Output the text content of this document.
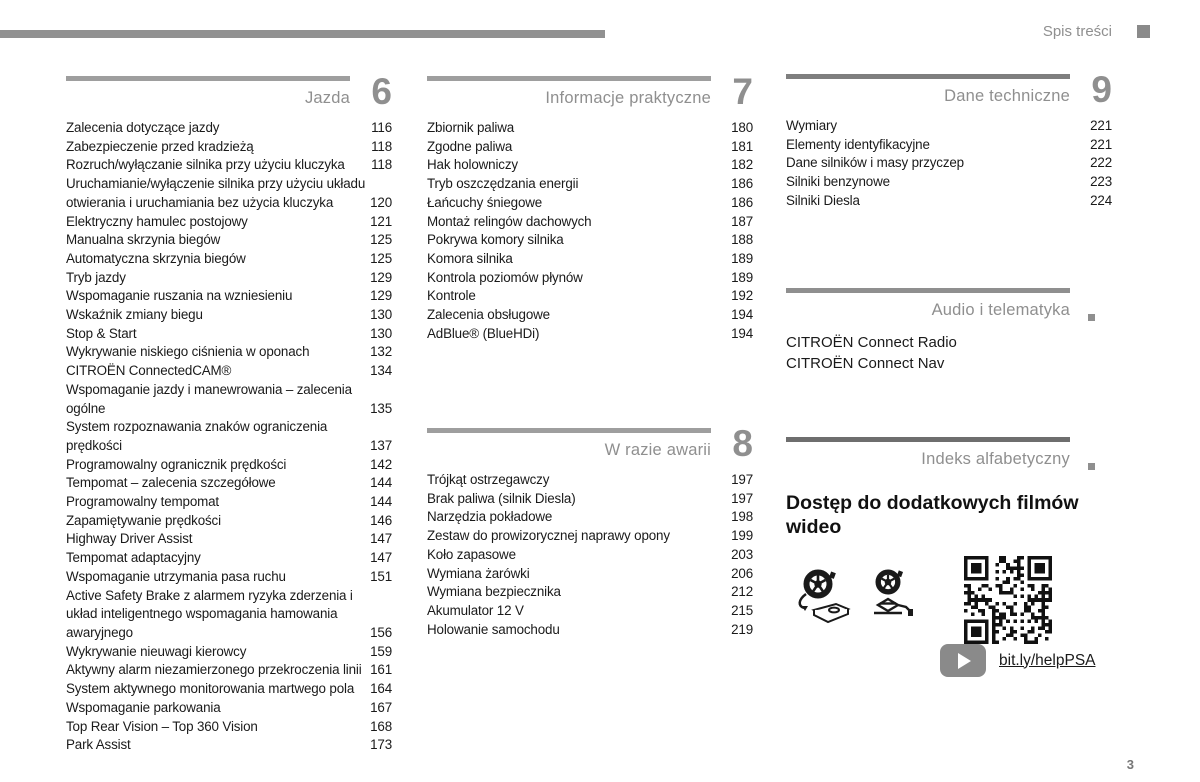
Spis treści
Jazda 6
Zalecenia dotyczące jazdy	116
Zabezpieczenie przed kradzieżą	118
Rozruch/wyłączanie silnika przy użyciu kluczyka	118
Uruchamianie/wyłączenie silnika przy użyciu układu otwierania i uruchamiania bez użycia kluczyka	120
Elektryczny hamulec postojowy	121
Manualna skrzynia biegów	125
Automatyczna skrzynia biegów	125
Tryb jazdy	129
Wspomaganie ruszania na wzniesieniu	129
Wskaźnik zmiany biegu	130
Stop & Start	130
Wykrywanie niskiego ciśnienia w oponach	132
CITROËN ConnectedCAM®	134
Wspomaganie jazdy i manewrowania – zalecenia ogólne	135
System rozpoznawania znaków ograniczenia prędkości	137
Programowalny ogranicznik prędkości	142
Tempomat – zalecenia szczegółowe	144
Programowalny tempomat	144
Zapamiętywanie prędkości	146
Highway Driver Assist	147
Tempomat adaptacyjny	147
Wspomaganie utrzymania pasa ruchu	151
Active Safety Brake z alarmem ryzyka zderzenia i układ inteligentnego wspomagania hamowania awaryjnego	156
Wykrywanie nieuwagi kierowcy	159
Aktywny alarm niezamierzonego przekroczenia linii 161
System aktywnego monitorowania martwego pola	164
Wspomaganie parkowania	167
Top Rear Vision – Top 360 Vision	168
Park Assist	173
Informacje praktyczne 7
Zbiornik paliwa	180
Zgodne paliwa	181
Hak holowniczy	182
Tryb oszczędzania energii	186
Łańcuchy śniegowe	186
Montaż relingów dachowych	187
Pokrywa komory silnika	188
Komora silnika	189
Kontrola poziomów płynów	189
Kontrole	192
Zalecenia obsługowe	194
AdBlue® (BlueHDi)	194
W razie awarii 8
Trójkąt ostrzegawczy	197
Brak paliwa (silnik Diesla)	197
Narzędzia pokładowe	198
Zestaw do prowizorycznej naprawy opony	199
Koło zapasowe	203
Wymiana żarówki	206
Wymiana bezpiecznika	212
Akumulator 12 V	215
Holowanie samochodu	219
Dane techniczne 9
Wymiary	221
Elementy identyfikacyjne	221
Dane silników i masy przyczep	222
Silniki benzynowe	223
Silniki Diesla	224
Audio i telematyka
CITROËN Connect Radio
CITROËN Connect Nav
Indeks alfabetyczny
Dostęp do dodatkowych filmów wideo
bit.ly/helpPSA
3
